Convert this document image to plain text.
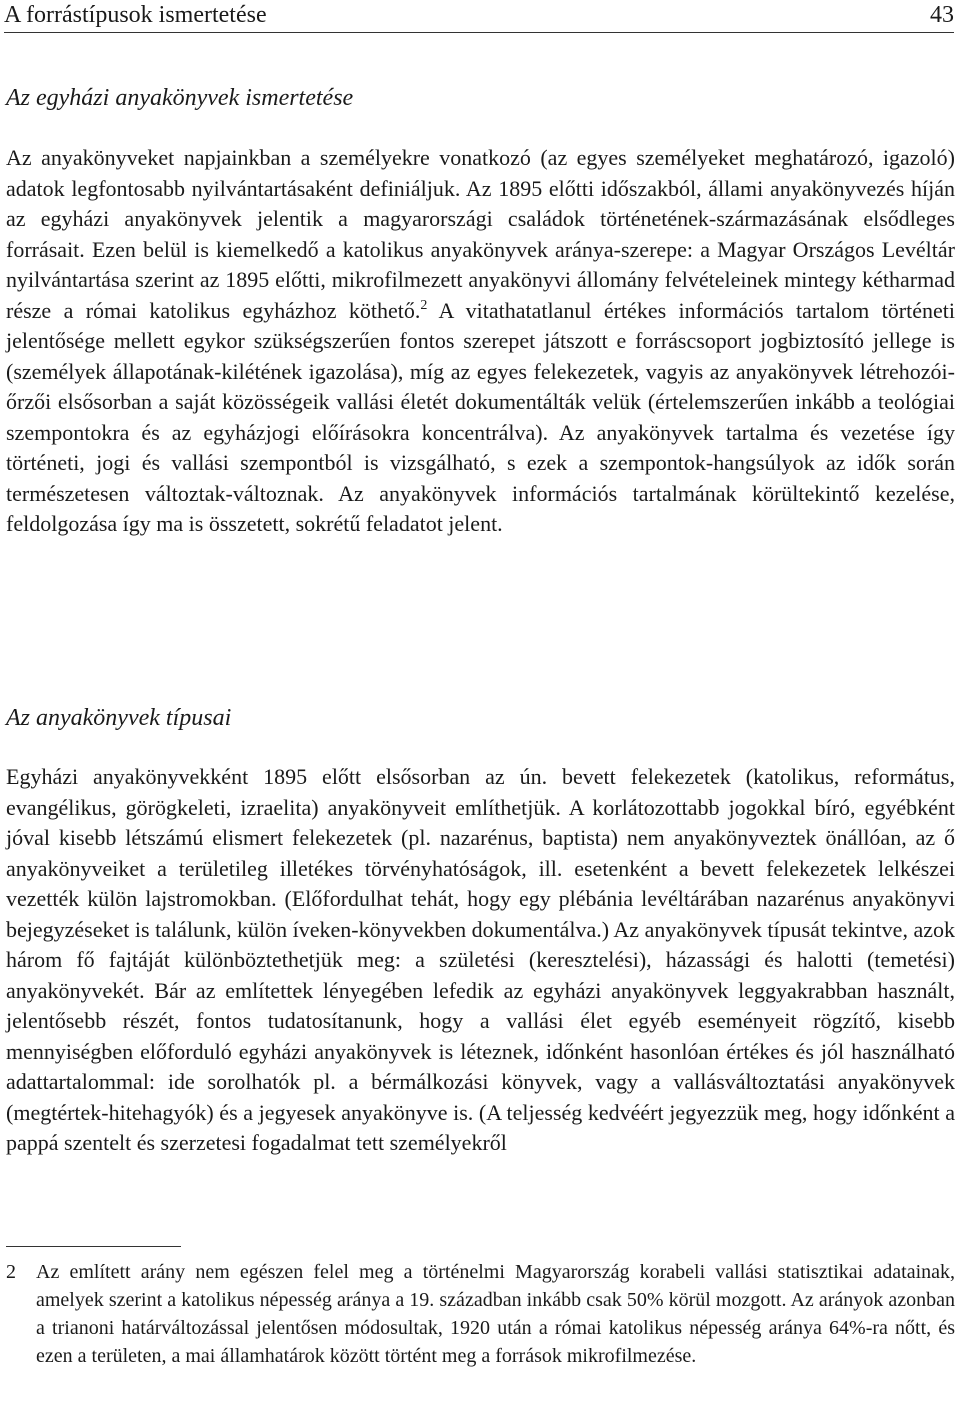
A forrástípusok ismertetése	43
Az egyházi anyakönyvek ismertetése

Az anyakönyveket napjainkban a személyekre vonatkozó (az egyes személyeket meghatározó, igazoló) adatok legfontosabb nyilvántartásaként definiáljuk. Az 1895 előtti időszakból, állami anyakönyvezés híján az egyházi anyakönyvek jelentik a magyarországi családok történetének-származásának elsődleges forrásait. Ezen belül is kiemelkedő a katolikus anyakönyvek aránya-szerepe: a Magyar Országos Levéltár nyilvántartása szerint az 1895 előtti, mikrofilmezett anyakönyvi állomány felvételeinek mintegy kétharmad része a római katolikus egyházhoz köthető.$^2$ A vitathatatlanul értékes információs tartalom történeti jelentősége mellett egykor szükségszerűen fontos szerepet játszott e forráscsoport jogbiztosító jellege is (személyek állapotának-kilétének igazolása), míg az egyes felekezetek, vagyis az anyakönyvek létrehozói-őrzői elsősorban a saját közösségeik vallási életét dokumentálták velük (értelemszerűen inkább a teológiai szempontokra és az egyházjogi előírásokra koncentrálva). Az anyakönyvek tartalma és vezetése így történeti, jogi és vallási szempontból is vizsgálható, s ezek a szempontok-hangsúlyok az idők során természetesen változtak-változnak. Az anyakönyvek információs tartalmának körültekintő kezelése, feldolgozása így ma is összetett, sokrétű feladatot jelent.

Az anyakönyvek típusai

Egyházi anyakönyvekként 1895 előtt elsősorban az ún. bevett felekezetek (katolikus, református, evangélikus, görögkeleti, izraelita) anyakönyveit említhetjük. A korlátozottabb jogokkal bíró, egyébként jóval kisebb létszámú elismert felekezetek (pl. nazarénus, baptista) nem anyakönyveztek önállóan, az ő anyakönyveiket a területileg illetékes törvényhatóságok, ill. esetenként a bevett felekezetek lelkészei vezették külön lajstromokban. (Előfordulhat tehát, hogy egy plébánia levéltárában nazarénus anyakönyvi bejegyzéseket is találunk, külön íveken-könyvekben dokumentálva.) Az anyakönyvek típusát tekintve, azok három fő fajtáját különböztethetjük meg: a születési (keresztelési), házassági és halotti (temetési) anyakönyvekét. Bár az említettek lényegében lefedik az egyházi anyakönyvek leggyakrabban használt, jelentősebb részét, fontos tudatosítanunk, hogy a vallási élet egyéb eseményeit rögzítő, kisebb mennyiségben előforduló egyházi anyakönyvek is léteznek, időnként hasonlóan értékes és jól használható adattartalommal: ide sorolhatók pl. a bérmálkozási könyvek, vagy a vallásváltoztatási anyakönyvek (megtértek-hitehagyók) és a jegyesek anyakönyve is. (A teljesség kedvéért jegyezzük meg, hogy időnként a pappá szentelt és szerzetesi fogadalmat tett személyekről

2 Az említett arány nem egészen felel meg a történelmi Magyarország korabeli vallási statisztikai adatainak, amelyek szerint a katolikus népesség aránya a 19. században inkább csak 50% körül mozgott. Az arányok azonban a trianoni határváltozással jelentősen módosultak, 1920 után a római katolikus népesség aránya 64%-ra nőtt, és ezen a területen, a mai államhatárok között történt meg a források mikrofilmezése.
